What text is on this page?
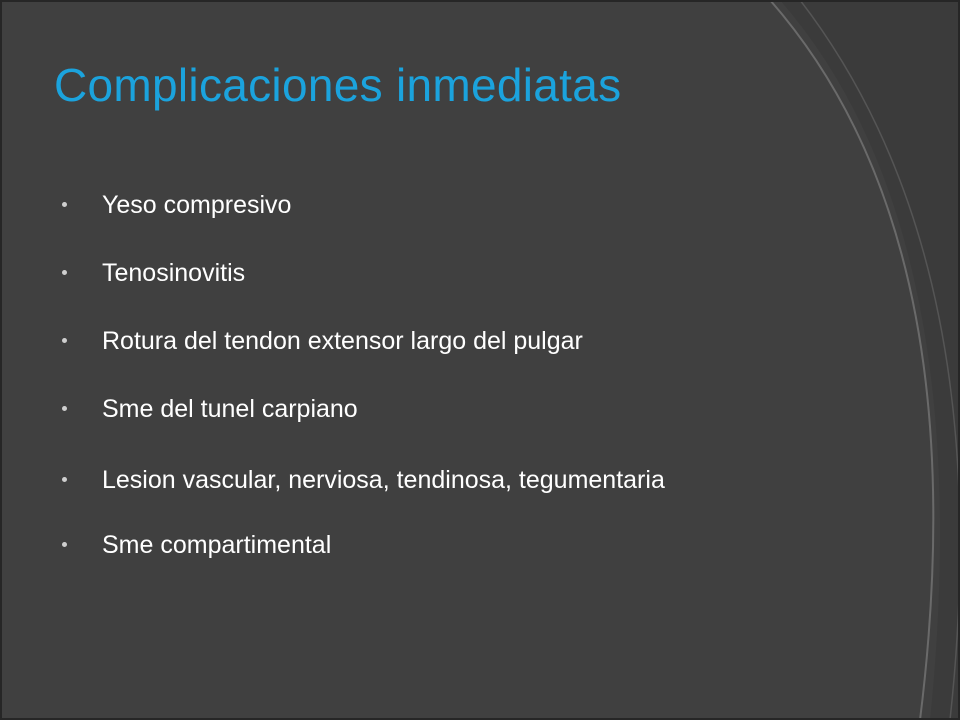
Complicaciones inmediatas
Yeso compresivo
Tenosinovitis
Rotura del tendon extensor largo del pulgar
Sme del tunel carpiano
Lesion vascular, nerviosa, tendinosa, tegumentaria
Sme compartimental
